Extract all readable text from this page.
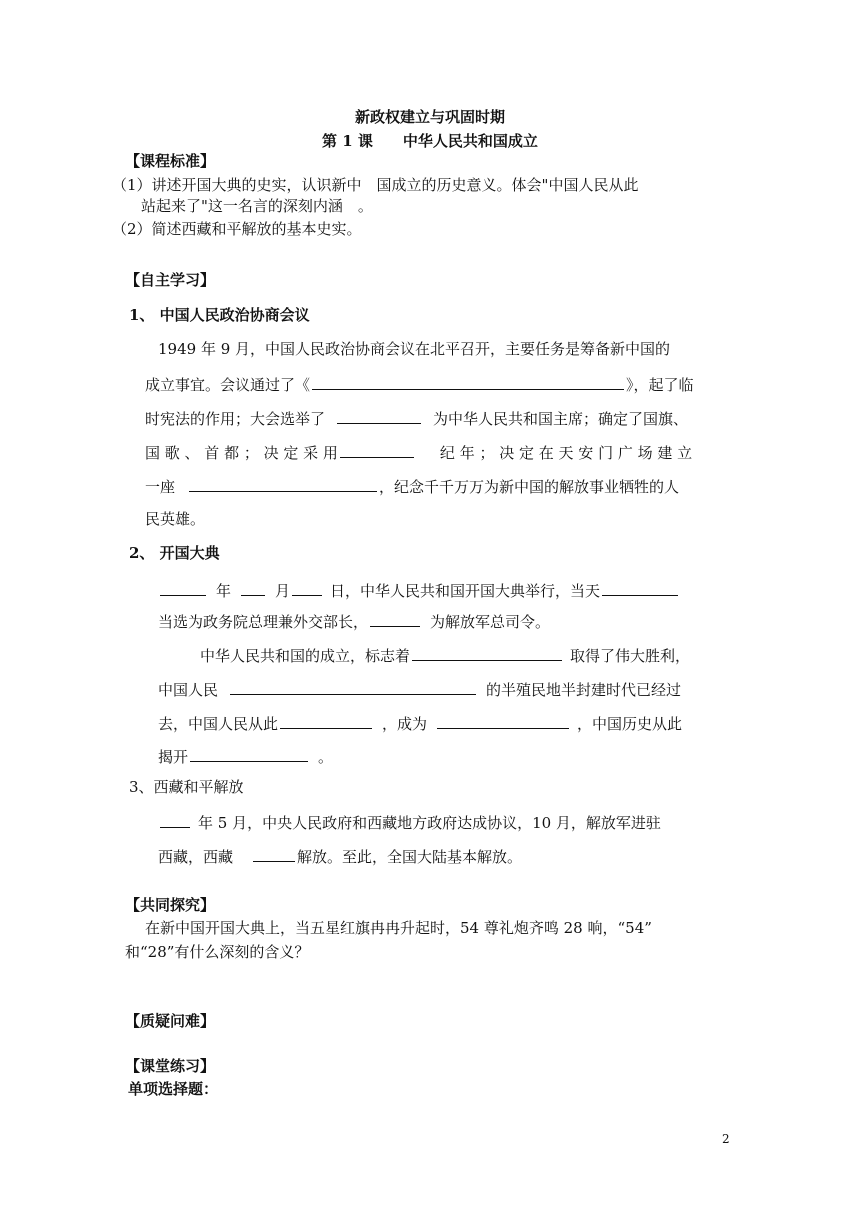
新政权建立与巩固时期
第 1 课　　中华人民共和国成立
【课程标准】
（1）讲述开国大典的史实，认识新中　国成立的历史意义。体会"中国人民从此
站起来了"这一名言的深刻内涵　。
（2）简述西藏和平解放的基本史实。
【自主学习】
1、 中国人民政治协商会议
1949 年 9 月，中国人民政治协商会议在北平召开，主要任务是筹备新中国的
成立事宜。会议通过了《	》，起了临
时宪法的作用；大会选举了	为中华人民共和国主席；确定了国旗、
国 歌 、 首 都 ； 决 定 采 用	纪 年 ； 决 定 在 天 安 门 广 场 建 立
一座	，纪念千千万万为新中国的解放事业牺牲的人
民英雄。
2、 开国大典
年	月	日，中华人民共和国开国大典举行，当天
当选为政务院总理兼外交部长，	为解放军总司令。
中华人民共和国的成立，标志着	取得了伟大胜利，
中国人民	的半殖民地半封建时代已经过
去，中国人民从此	，成为	，中国历史从此
揭开	。
3、西藏和平解放
年 5 月，中央人民政府和西藏地方政府达成协议，10 月，解放军进驻
西藏，西藏	解放。至此，全国大陆基本解放。
【共同探究】
在新中国开国大典上，当五星红旗冉冉升起时，54 尊礼炮齐鸣 28 响，“54”
和“28”有什么深刻的含义？
【质疑问难】
【课堂练习】
单项选择题：
2
